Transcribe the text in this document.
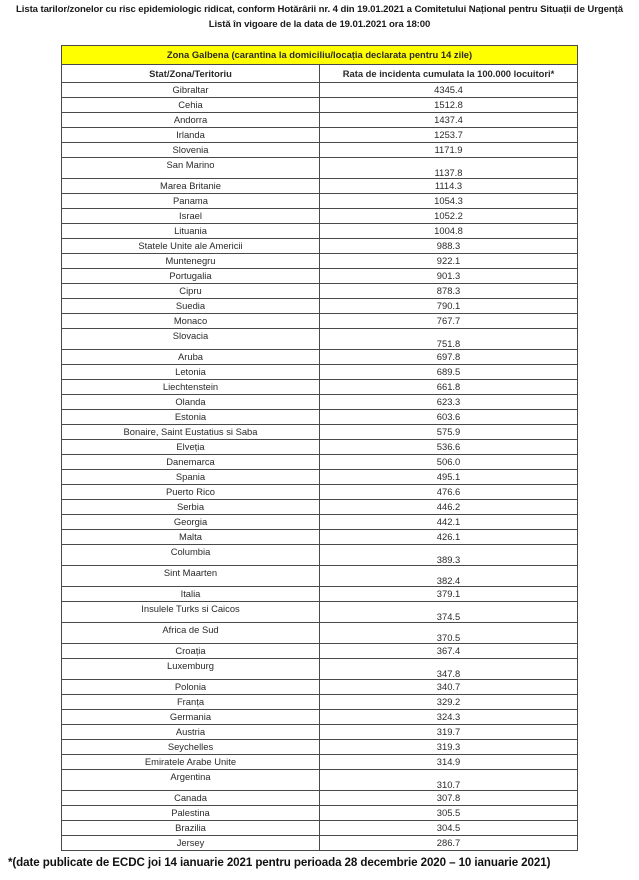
Lista tarilor/zonelor cu risc epidemiologic ridicat, conform Hotărârii nr. 4 din 19.01.2021 a Comitetului Național pentru Situații de Urgență
Listă în vigoare de la data de 19.01.2021 ora 18:00
Zona Galbena (carantina la domiciliu/locația declarata pentru 14 zile)	
Stat/Zona/Teritoriu	Rata de incidenta cumulata la 100.000 locuitori*
Gibraltar	4345.4
Cehia	1512.8
Andorra	1437.4
Irlanda	1253.7
Slovenia	1171.9
San Marino	1137.8
Marea Britanie	1114.3
Panama	1054.3
Israel	1052.2
Lituania	1004.8
Statele Unite ale Americii	988.3
Muntenegru	922.1
Portugalia	901.3
Cipru	878.3
Suedia	790.1
Monaco	767.7
Slovacia	751.8
Aruba	697.8
Letonia	689.5
Liechtenstein	661.8
Olanda	623.3
Estonia	603.6
Bonaire, Saint Eustatius si Saba	575.9
Elveția	536.6
Danemarca	506.0
Spania	495.1
Puerto Rico	476.6
Serbia	446.2
Georgia	442.1
Malta	426.1
Columbia	389.3
Sint Maarten	382.4
Italia	379.1
Insulele Turks si Caicos	374.5
Africa de Sud	370.5
Croația	367.4
Luxemburg	347.8
Polonia	340.7
Franța	329.2
Germania	324.3
Austria	319.7
Seychelles	319.3
Emiratele Arabe Unite	314.9
Argentina	310.7
Canada	307.8
Palestina	305.5
Brazilia	304.5
Jersey	286.7
*(date publicate de ECDC joi 14 ianuarie 2021 pentru perioada 28 decembrie 2020 – 10 ianuarie 2021)
